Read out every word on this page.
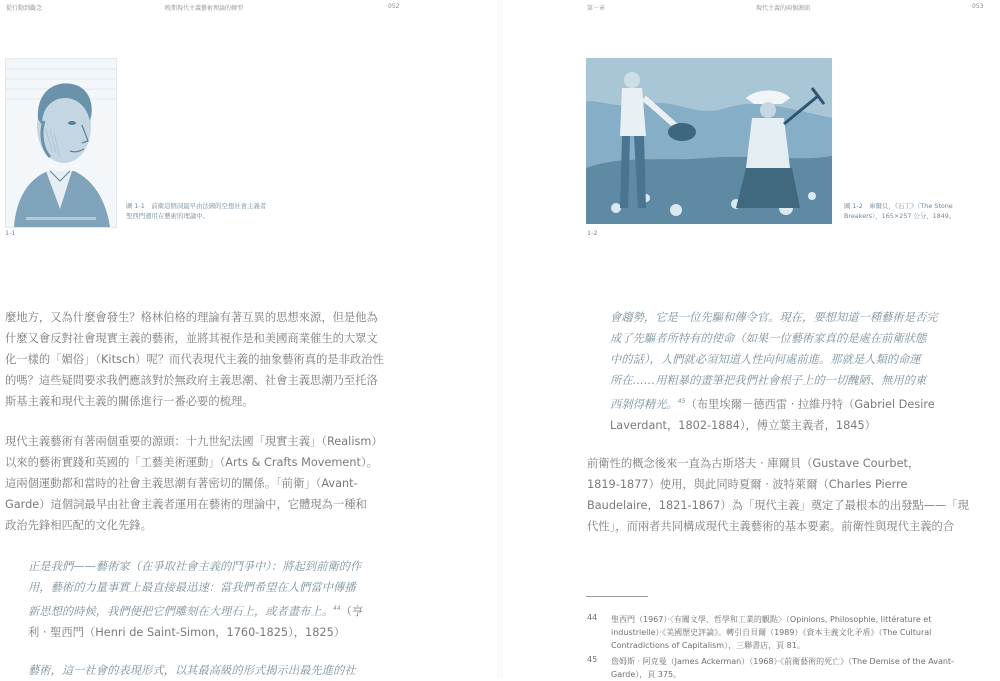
從行動到觀念	晚期現代主義藝術理論的轉型	052	第一章	現代主義的兩個源頭	053
圖 1-1　前衛這個詞最早由法國的空想社會主義者
聖西門運用在藝術的理論中。
1-1
圖 1-2　庫爾貝，《石工》（The Stone
Breakers），165×257 公分，1849。
1-2
麼地方，又為什麼會發生？格林伯格的理論有著互異的思想來源，但是他為
什麼又會反對社會現實主義的藝術，並將其視作是和美國商業催生的大眾文
化一樣的「媚俗」（Kitsch）呢？而代表現代主義的抽象藝術真的是非政治性
的嗎？這些疑問要求我們應該對於無政府主義思潮、社會主義思潮乃至托洛
斯基主義和現代主義的關係進行一番必要的梳理。
現代主義藝術有著兩個重要的源頭：十九世紀法國「現實主義」（Realism）
以來的藝術實踐和英國的「工藝美術運動」（Arts & Crafts Movement）。
這兩個運動都和當時的社會主義思潮有著密切的關係。「前衛」（Avant-
Garde）這個詞最早由社會主義者運用在藝術的理論中，它體現為一種和
政治先鋒相匹配的文化先鋒。
正是我們——藝術家（在爭取社會主義的鬥爭中）：將起到前衛的作
用，藝術的力量事實上最直接最迅速：當我們希望在人們當中傳播
新思想的時候，我們便把它們雕刻在大理石上，或者畫布上。$^{44}$（亨
利 ‧ 聖西門（Henri de Saint-Simon，1760-1825），1825）
藝術，這一社會的表現形式，以其最高級的形式揭示出最先進的社
會趨勢，它是一位先驅和傳令官。現在，要想知道一種藝術是否完
成了先驅者所特有的使命（如果一位藝術家真的是處在前衛狀態
中的話），人們就必須知道人性向何處前進。那就是人類的命運
所在……用粗暴的畫筆把我們社會根子上的一切醜陋、無用的東
西剝得精光。$^{45}$（布里埃爾－德西雷 ‧ 拉維丹特（Gabriel Desire
Laverdant，1802-1884），傅立葉主義者，1845）
前衛性的概念後來一直為古斯塔夫 ‧ 庫爾貝（Gustave Courbet，
1819-1877）使用，與此同時夏爾 ‧ 波特萊爾（Charles Pierre
Baudelaire，1821-1867）為「現代主義」奠定了最根本的出發點——「現
代性」，而兩者共同構成現代主義藝術的基本要素。前衛性與現代主義的合
44 聖西門（1967）‧〈有關文學、哲學和工業的觀點〉（Opinions, Philosophie, littérature et
industrielle）‧《美國歷史評論》。轉引自貝爾（1989）《資本主義文化矛盾》（The Cultural
Contradictions of Capitalism），三聯書店，頁 81。
45 詹姆斯 ‧ 阿克曼（James Ackerman）（1968）‧《前衛藝術的死亡》（The Demise of the Avant-
Garde），頁 375。
